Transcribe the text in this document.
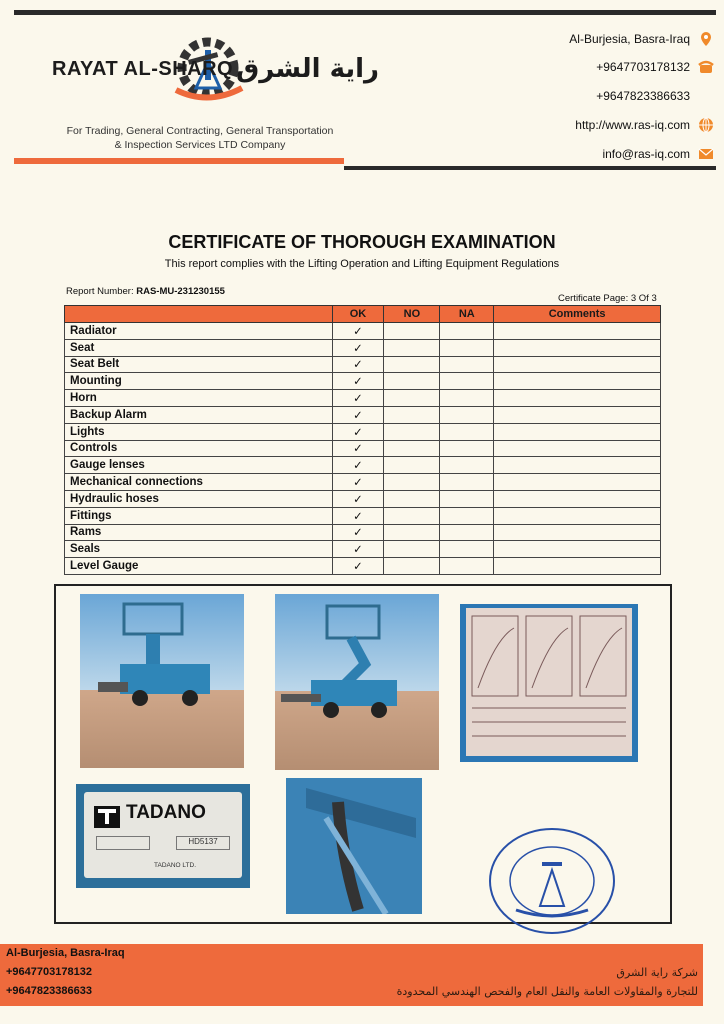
RAYAT AL-SHARQ راية الشرق
For Trading, General Contracting, General Transportation
& Inspection Services LTD Company
Al-Burjesia, Basra-Iraq
+9647703178132
+9647823386633
http://www.ras-iq.com
info@ras-iq.com
CERTIFICATE OF THOROUGH EXAMINATION
This report complies with the Lifting Operation and Lifting Equipment Regulations
Report Number: RAS-MU-231230155
Certificate Page: 3 Of 3
	OK	NO	NA	Comments
Radiator	✓			
Seat	✓			
Seat Belt	✓			
Mounting	✓			
Horn	✓			
Backup Alarm	✓			
Lights	✓			
Controls	✓			
Gauge lenses	✓			
Mechanical connections	✓			
Hydraulic hoses	✓			
Fittings	✓			
Rams	✓			
Seals	✓			
Level Gauge	✓			
TADANO
HD5137
TADANO LTD.
Al-Burjesia, Basra-Iraq
+9647703178132
+9647823386633
شركة راية الشرق
للتجارة والمقاولات العامة والنقل العام والفحص الهندسي المحدودة
